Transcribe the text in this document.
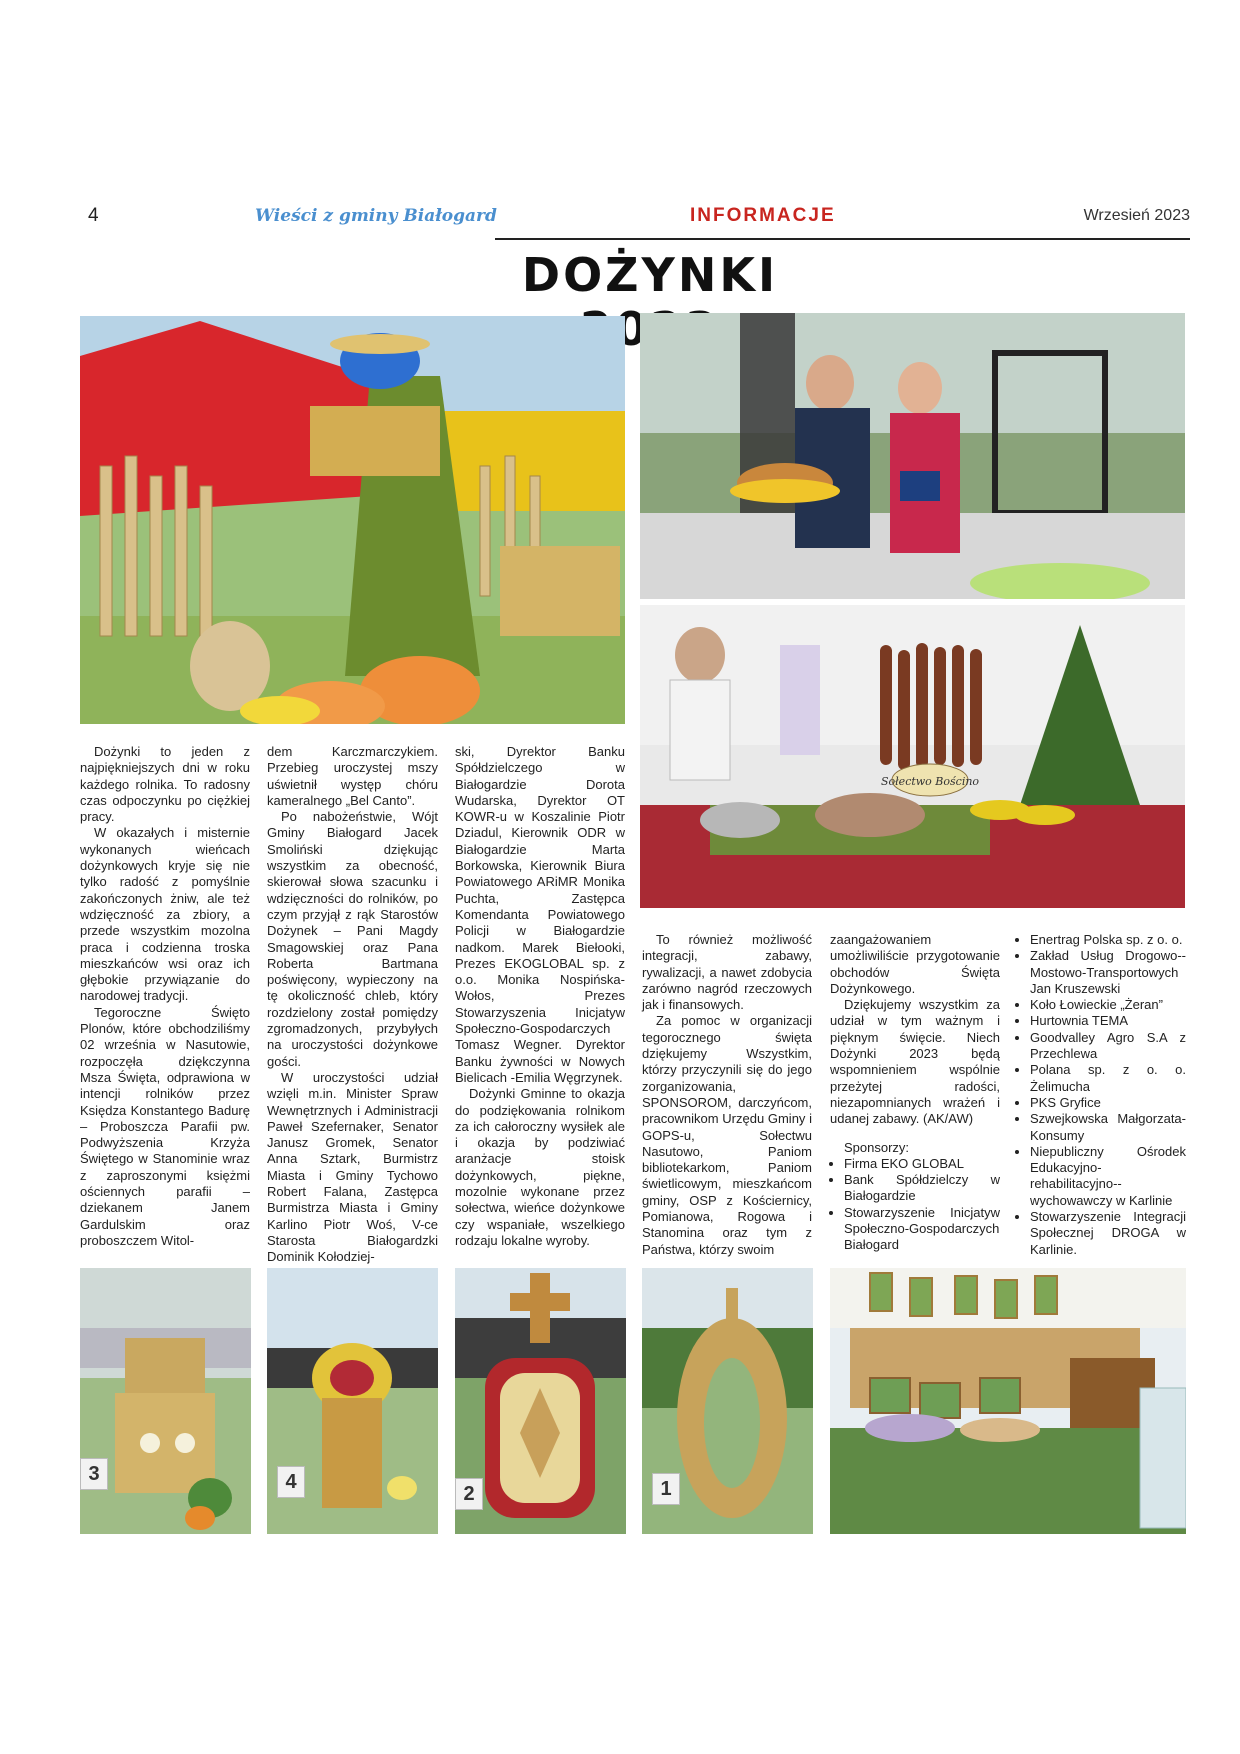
4	Wieści z gminy Białogard	INFORMACJE	Wrzesień 2023
DOŻYNKI
Sołectwo Bościno

Dożynki to jeden z najpiękniejszych dni w roku każdego rolnika. To radosny czas odpoczynku po ciężkiej pracy.

W okazałych i misternie wykonanych wieńcach dożynkowych kryje się nie tylko radość z pomyślnie zakończonych żniw, ale też wdzięczność za zbiory, a przede wszystkim mozolna praca i codzienna troska mieszkańców wsi oraz ich głębokie przywiązanie do narodowej tradycji.

Tegoroczne Święto Plonów, które obchodziliśmy 02 września w Nasutowie, rozpoczęła dziękczynna Msza Święta, odprawiona w intencji rolników przez Księdza Konstantego Badurę – Proboszcza Parafii pw. Podwyższenia Krzyża Świętego w Stanominie wraz z zaproszonymi księżmi ościennych parafii – dziekanem Janem Gardulskim oraz proboszczem Witol-

dem Karczmarczykiem. Przebieg uroczystej mszy uświetnił występ chóru kameralnego „Bel Canto”.

Po nabożeństwie, Wójt Gminy Białogard Jacek Smoliński dziękując wszystkim za obecność, skierował słowa szacunku i wdzięczności do rolników, po czym przyjął z rąk Starostów Dożynek – Pani Magdy Smagowskiej oraz Pana Roberta Bartmana poświęcony, wypieczony na tę okoliczność chleb, który rozdzielony został pomiędzy zgromadzonych, przybyłych na uroczystości dożynkowe gości.

W uroczystości udział wzięli m.in. Minister Spraw Wewnętrznych i Administracji Paweł Szefernaker, Senator Janusz Gromek, Senator Anna Sztark, Burmistrz Miasta i Gminy Tychowo Robert Falana, Zastępca Burmistrza Miasta i Gminy Karlino Piotr Woś, V-ce Starosta Białogardzki Dominik Kołodziej-

ski, Dyrektor Banku Spółdzielczego w Białogardzie Dorota Wudarska, Dyrektor OT KOWR-u w Koszalinie Piotr Dziadul, Kierownik ODR w Białogardzie Marta Borkowska, Kierownik Biura Powiatowego ARiMR Monika Puchta, Zastępca Komendanta Powiatowego Policji w Białogardzie nadkom. Marek Biełooki, Prezes EKOGLOBAL sp. z o.o. Monika Nospińska-Wołos, Prezes Stowarzyszenia Inicjatyw Społeczno-Gospodarczych Tomasz Wegner. Dyrektor Banku żywności w Nowych Bielicach -Emilia Węgrzynek.

Dożynki Gminne to okazja do podziękowania rolnikom za ich całoroczny wysiłek ale i okazja by podziwiać aranżacje stoisk dożynkowych, piękne, mozolnie wykonane przez sołectwa, wieńce dożynkowe czy wspaniałe, wszelkiego rodzaju lokalne wyroby.

To również możliwość integracji, zabawy, rywalizacji, a nawet zdobycia zarówno nagród rzeczowych jak i finansowych.

Za pomoc w organizacji tegorocznego święta dziękujemy Wszystkim, którzy przyczynili się do jego zorganizowania, SPONSOROM, darczyńcom, pracownikom Urzędu Gminy i GOPS-u, Sołectwu Nasutowo, Paniom bibliotekarkom, Paniom świetlicowym, mieszkańcom gminy, OSP z Kościernicy, Pomianowa, Rogowa i Stanomina oraz tym z Państwa, którzy swoim

zaangażowaniem umożliwiliście przygotowanie obchodów Święta Dożynkowego.

Dziękujemy wszystkim za udział w tym ważnym i pięknym święcie. Niech Dożynki 2023 będą wspomnieniem wspólnie przeżytej radości, niezapomnianych wrażeń i udanej zabawy. (AK/AW)

Sponsorzy:

• Firma EKO GLOBAL
• Bank Spółdzielczy w Białogardzie
• Stowarzyszenie Inicjatyw Społeczno-Gospodarczych Białogard
• Enertrag Polska sp. z o. o.
• Zakład Usług Drogowo--Mostowo-Transportowych Jan Kruszewski
• Koło Łowieckie „Żeran”
• Hurtownia TEMA
• Goodvalley Agro S.A z Przechlewa
• Polana sp. z o. o. Żelimucha
• PKS Gryfice
• Szwejkowska Małgorzata- Konsumy
• Niepubliczny Ośrodek Edukacyjno-rehabilitacyjno--wychowawczy w Karlinie
• Stowarzyszenie Integracji Społecznej DROGA w Karlinie.
3	4
2	1
